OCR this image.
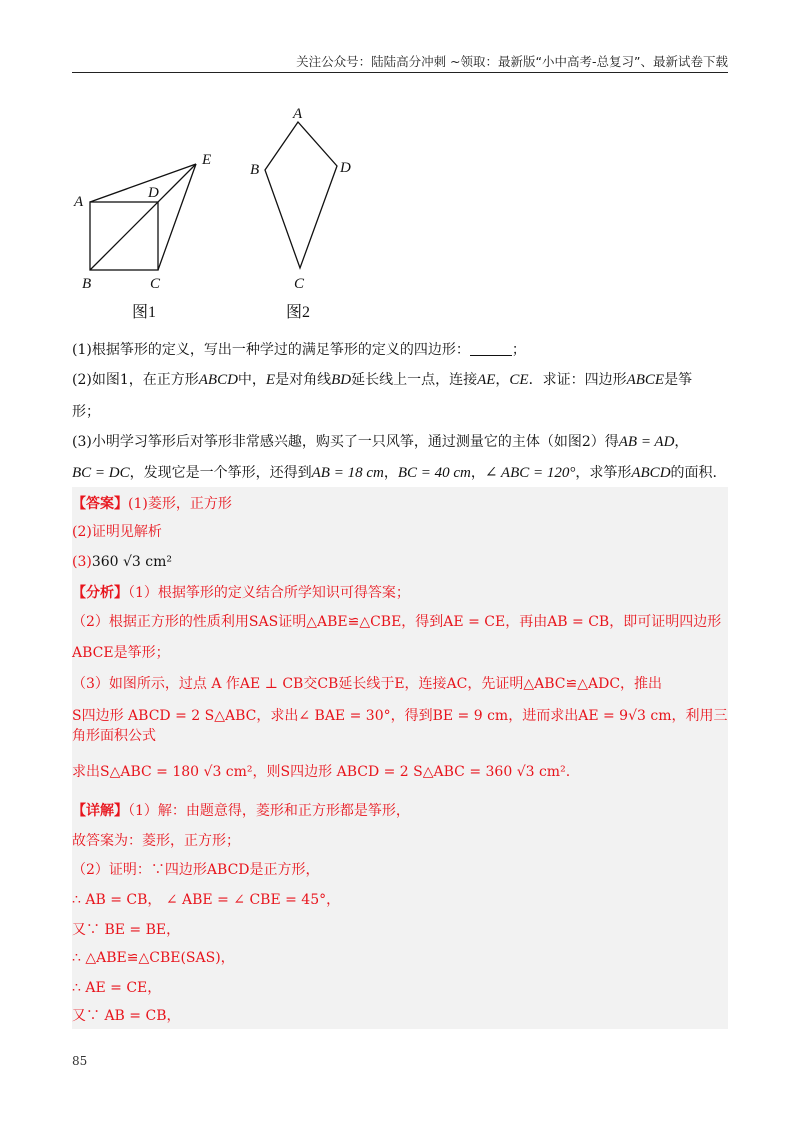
关注公众号：陆陆高分冲刺 ~领取：最新版“小中高考-总复习”、最新试卷下载
A
B	C
D
E
图1
A
B	D
C
图2
(1)根据筝形的定义，写出一种学过的满足筝形的定义的四边形：	；
(2)如图1，在正方形ABCD中，E是对角线BD延长线上一点，连接AE，CE．求证：四边形ABCE是筝
形；
(3)小明学习筝形后对筝形非常感兴趣，购买了一只风筝，通过测量它的主体（如图2）得AB = AD，
BC = DC，发现它是一个筝形，还得到AB = 18 cm，BC = 40 cm，∠ ABC = 120°，求筝形ABCD的面积.
【答案】(1)菱形，正方形
(2)证明见解析
(3)360 √3 cm²
【分析】（1）根据筝形的定义结合所学知识可得答案；
（2）根据正方形的性质利用SAS证明△ABE≌△CBE，得到AE = CE，再由AB = CB，即可证明四边形
ABCE是筝形；
（3）如图所示，过点 A 作AE ⊥ CB交CB延长线于E，连接AC，先证明△ABC≌△ADC，推出
S四边形 ABCD = 2 S△ABC，求出∠ BAE = 30°，得到BE = 9 cm，进而求出AE = 9√3 cm，利用三角形面积公式
求出S△ABC = 180 √3 cm²，则S四边形 ABCD = 2 S△ABC = 360 √3 cm².
【详解】（1）解：由题意得，菱形和正方形都是筝形，
故答案为：菱形，正方形；
（2）证明：∵四边形ABCD是正方形，
∴ AB = CB， ∠ ABE = ∠ CBE = 45°，
又∵ BE = BE，
∴ △ABE≌△CBE(SAS)，
∴ AE = CE，
又∵ AB = CB，
85
